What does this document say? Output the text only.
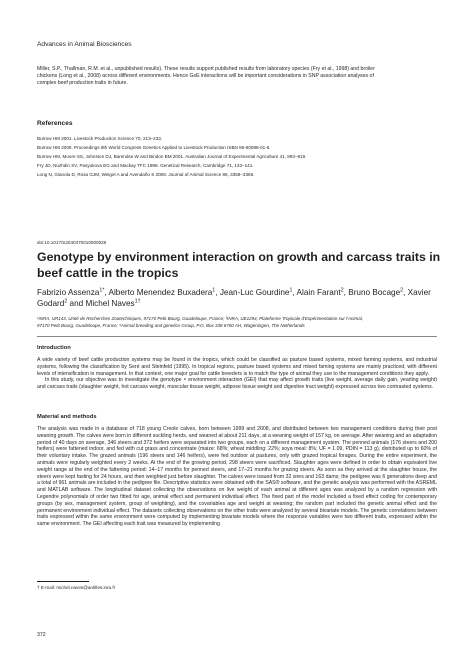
Advances in Animal Biosciences
Miller, S.P., Thallman, R.M. et al., unpublished results). These results support published results from laboratory species (Fry et al., 1998) and broiler
chickens (Long et al., 2008) across different environments. Hence GxE interactions will be important considerations in SNP association analyses of
complex beef production traits in future.
References
Burrow HM 2001. Livestock Production Science 70, 213–233.
Burrow HM 2006. Proceedings 8th World Congress Genetics Applied to Livestock Production ISBN 85-60088-01-6.
Burrow HM, Moore SS, Johnston DJ, Barendse W and Bindon BM 2001. Australian Journal of Experimental Agriculture 41, 893–919.
Fry JD, Nuzhdin SV, Pasyukova EG and Mackay TFC 1998. Genetical Research, Cambridge 71, 133–141.
Long N, Gianola D, Rosa GJM, Weigel A and Avendaño S 2008. Journal of Animal Science 86, 3358–3366.
doi:10.1017/S2040470010000026
Genotype by environment interaction on growth and carcass traits in beef cattle in the tropics
Fabrizio Assenza$^{1*}$, Alberto Menendez Buxadera$^1$, Jean-Luc Gourdine$^1$, Alain Farant$^2$, Bruno Bocage$^2$, Xavier Godard$^2$ and Michel Naves$^{1\dagger}$
¹INRA, UR143, Unité de Recherches Zootechniques, 97170 Petit Bourg, Guadeloupe, France; ²INRA, UE1294, Plateforme Tropicale d'Expérimentation sur l'Animal,
97170 Petit Bourg, Guadeloupe, France; *Animal breeding and genetics Group, P.O. Box 338 6700 AH, Wageningen, The Netherlands
Introduction

A wide variety of beef cattle production systems may be found in the tropics, which could be classified as pasture based systems, mixed farming systems, and industrial systems, following the classification by Seré and Steinfeld (1995). In tropical regions, pasture based systems and mixed faming systems are mainly practiced, with different levels of intensification in management. In that context, one major goal for cattle breeders is to match the type of animal they use to the management conditions they apply.

In this study, our objective was to investigate the genotype × environment interaction (GEI) that may affect growth traits (live weight, average daily gain, yearling weight) and carcass traits (slaughter weight, hot carcass weight, muscular tissue weight, adipose tissue weight and digestive tract weight) expressed across two contrasted systems.

Material and methods

The analysis was made in a database of 718 young Creole calves, born between 1999 and 2008, and distributed between two management conditions during their post weaning growth. The calves were born in different suckling herds, and weaned at about 211 days, at a weaning weight of 157 kg, on average. After weaning and an adaptation period of 40 days on average, 346 steers and 372 heifers were separated into two groups, each on a different management system. The penned animals (176 steers and 200 heifers) were fattened indoor, and fed with cut grass and concentrate (maize: 68%; wheat middling: 22%; soya meal: 8%; UF = 1.09, PDIN = 113 g), distributed up to 60% of their voluntary intake. The grazed animals (196 steers and 146 heifers), were fed outdoor at pastures, only with grazed tropical forages. During the entire experiment, the animals were regularly weighted every 2 weeks. At the end of the growing period, 298 steers were sacrificed. Slaughter ages were defined in order to obtain equivalent live weight range at the end of the fattening period: 14–17 months for penned steers, and 17–21 months for grazing steers. As soon as they arrived at the slaughter house, the steers were kept fasting for 24 hours, and then weighted just before slaughter. The calves were issued from 32 sires and 163 dams; the pedigree was 6 generations deep and a total of 961 animals are included in the pedigree file. Descriptive statistics were obtained with the SAS® software, and the genetic analysis was performed with the ASREML and MATLAB software. The longitudinal dataset collecting the observations on live weight of each animal at different ages was analyzed by a random regression with Legendre polynomials of order two fitted for age, animal effect and permanent individual effect. The fixed part of the model included a fixed effect coding for contemporary groups (by sex, management system, group of weighting), and the covariables age and weight at weaning; the random part included the genetic animal effect and the permanent environment individual effect. The datasets collecting observations on the other traits were analyzed by several bivariate models. The genetic correlations between traits expressed within the same environment were computed by implementing bivariate models where the response variables were two different traits, expressed within the same environment. The GEI affecting each trait was measured by implementing

† E-mail: michel.naves@antilles.inra.fr
372
